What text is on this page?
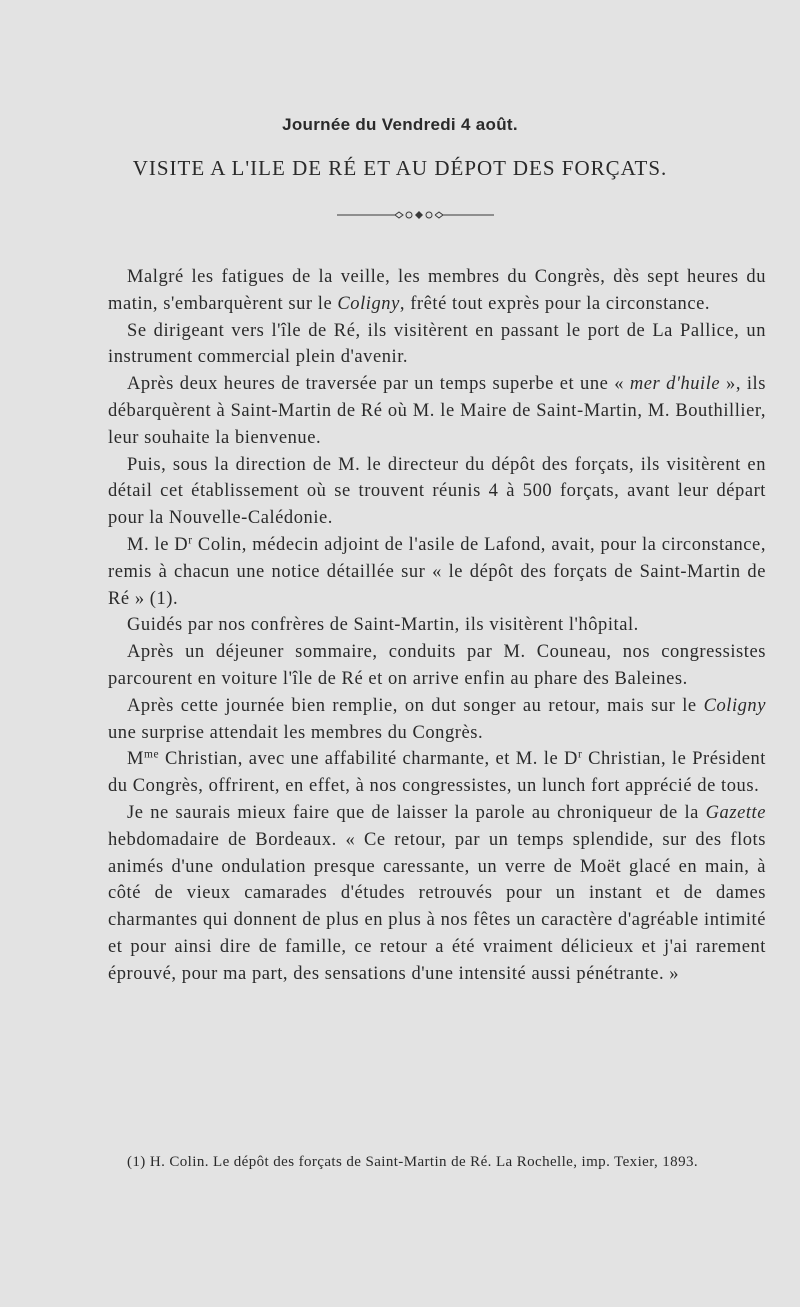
Journée du Vendredi 4 août.
VISITE A L'ILE DE RÉ ET AU DÉPOT DES FORÇATS.

Malgré les fatigues de la veille, les membres du Congrès, dès sept heures du matin, s'embarquèrent sur le Coligny, frêté tout exprès pour la circonstance.

Se dirigeant vers l'île de Ré, ils visitèrent en passant le port de La Pallice, un instrument commercial plein d'avenir.

Après deux heures de traversée par un temps superbe et une « mer d'huile », ils débarquèrent à Saint-Martin de Ré où M. le Maire de Saint-Martin, M. Bouthillier, leur souhaite la bienvenue.

Puis, sous la direction de M. le directeur du dépôt des forçats, ils visitèrent en détail cet établissement où se trouvent réunis 4 à 500 forçats, avant leur départ pour la Nouvelle-Calédonie.

M. le $D^r$ Colin, médecin adjoint de l'asile de Lafond, avait, pour la circonstance, remis à chacun une notice détaillée sur « le dépôt des forçats de Saint-Martin de Ré » (1).

Guidés par nos confrères de Saint-Martin, ils visitèrent l'hôpital.

Après un déjeuner sommaire, conduits par M. Couneau, nos congressistes parcourent en voiture l'île de Ré et on arrive enfin au phare des Baleines.

Après cette journée bien remplie, on dut songer au retour, mais sur le Coligny une surprise attendait les membres du Congrès.

$M^{me}$ Christian, avec une affabilité charmante, et M. le $D^r$ Christian, le Président du Congrès, offrirent, en effet, à nos congressistes, un lunch fort apprécié de tous.

Je ne saurais mieux faire que de laisser la parole au chroniqueur de la Gazette hebdomadaire de Bordeaux. « Ce retour, par un temps splendide, sur des flots animés d'une ondulation presque caressante, un verre de Moët glacé en main, à côté de vieux camarades d'études retrouvés pour un instant et de dames charmantes qui donnent de plus en plus à nos fêtes un caractère d'agréable intimité et pour ainsi dire de famille, ce retour a été vraiment délicieux et j'ai rarement éprouvé, pour ma part, des sensations d'une intensité aussi pénétrante. »

(1) H. Colin. Le dépôt des forçats de Saint-Martin de Ré. La Rochelle, imp. Texier, 1893.
